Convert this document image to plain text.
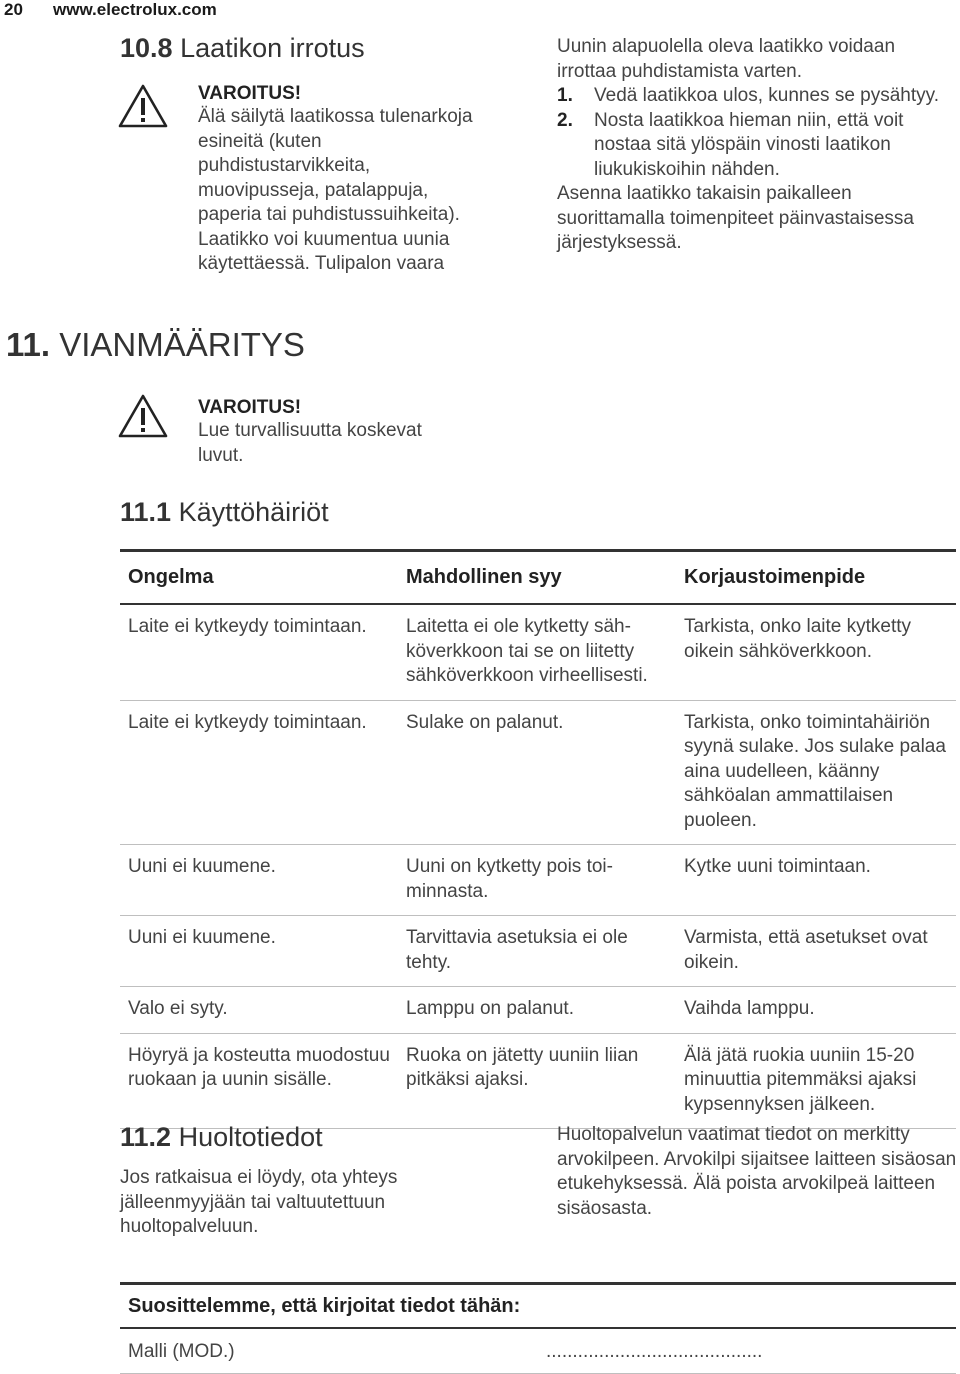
20 www.electrolux.com
10.8 Laatikon irrotus
VAROITUS!
Älä säilytä laatikossa tulenarkoja esineitä (kuten puhdistustarvikkeita, muovipusseja, patalappuja, paperia tai puhdistussuihkeita). Laatikko voi kuumentua uunia käytettäessä. Tulipalon vaara
Uunin alapuolella oleva laatikko voidaan irrottaa puhdistamista varten.
1.	Vedä laatikkoa ulos, kunnes se pysähtyy.
2.	Nosta laatikkoa hieman niin, että voit nostaa sitä ylöspäin vinosti laatikon liukukiskoihin nähden.
Asenna laatikko takaisin paikalleen suorittamalla toimenpiteet päinvastaisessa järjestyksessä.
11. VIANMÄÄRITYS
VAROITUS!
Lue turvallisuutta koskevat luvut.
11.1 Käyttöhäiriöt
Ongelma	Mahdollinen syy	Korjaustoimenpide
Laite ei kytkeydy toimintaan.	Laitetta ei ole kytketty sähköverkkoon tai se on liitetty sähköverkkoon virheellisesti.	Tarkista, onko laite kytketty oikein sähköverkkoon.
Laite ei kytkeydy toimintaan.	Sulake on palanut.	Tarkista, onko toimintahäiriön syynä sulake. Jos sulake palaa aina uudelleen, käänny sähköalan ammattilaisen puoleen.
Uuni ei kuumene.	Uuni on kytketty pois toiminnasta.	Kytke uuni toimintaan.
Uuni ei kuumene.	Tarvittavia asetuksia ei ole tehty.	Varmista, että asetukset ovat oikein.
Valo ei syty.	Lamppu on palanut.	Vaihda lamppu.
Höyryä ja kosteutta muodostuu ruokaan ja uunin sisälle.	Ruoka on jätetty uuniin liian pitkäksi ajaksi.	Älä jätä ruokia uuniin 15-20 minuuttia pitemmäksi ajaksi kypsennyksen jälkeen.
11.2 Huoltotiedot
Jos ratkaisua ei löydy, ota yhteys jälleenmyyjään tai valtuutettuun huoltopalveluun.
Huoltopalvelun vaatimat tiedot on merkitty arvokilpeen. Arvokilpi sijaitsee laitteen sisäosan etukehyksessä. Älä poista arvokilpeä laitteen sisäosasta.
Suosittelemme, että kirjoitat tiedot tähän:
Malli (MOD.)	.........................................
